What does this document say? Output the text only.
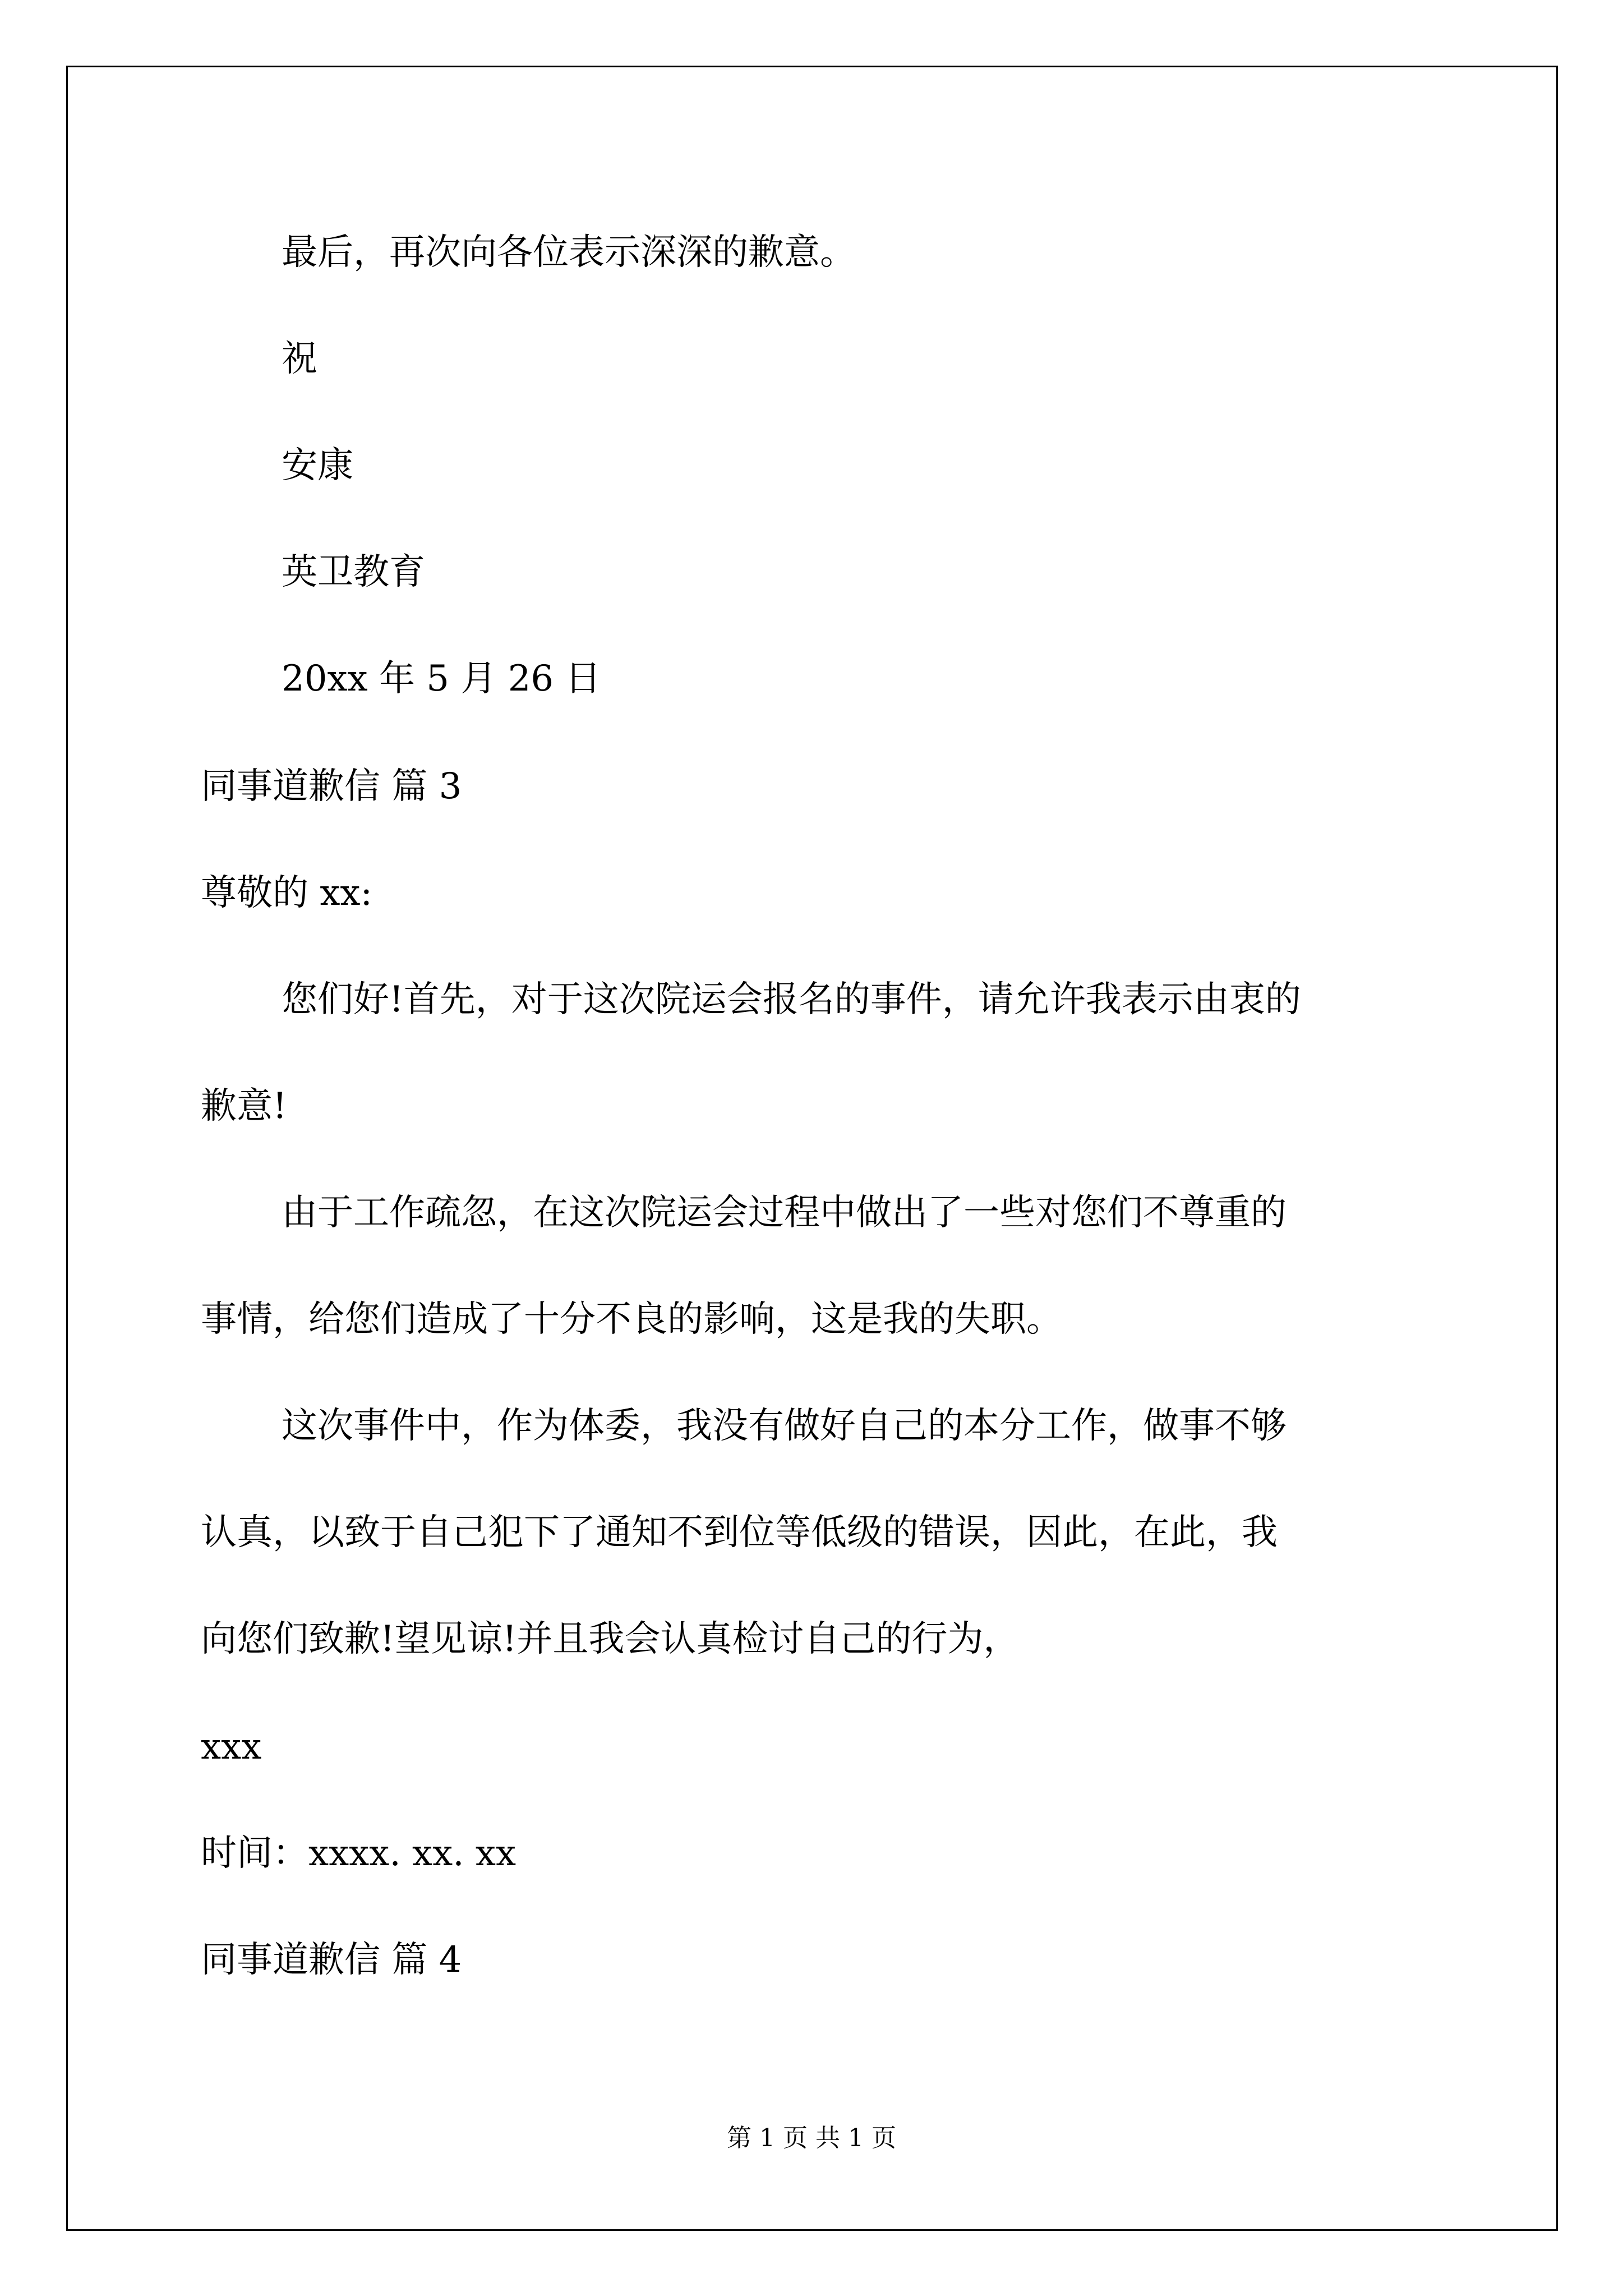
最后，再次向各位表示深深的歉意。
祝
安康
英卫教育
20xx 年 5 月 26 日
同事道歉信 篇 3
尊敬的 xx:
您们好!首先，对于这次院运会报名的事件，请允许我表示由衷的
歉意!
由于工作疏忽，在这次院运会过程中做出了一些对您们不尊重的
事情，给您们造成了十分不良的影响，这是我的失职。
这次事件中，作为体委，我没有做好自己的本分工作，做事不够
认真，以致于自己犯下了通知不到位等低级的错误，因此，在此，我
向您们致歉!望见谅!并且我会认真检讨自己的行为，
xxx
时间：xxxx. xx. xx
同事道歉信 篇 4
第 1 页 共 1 页
